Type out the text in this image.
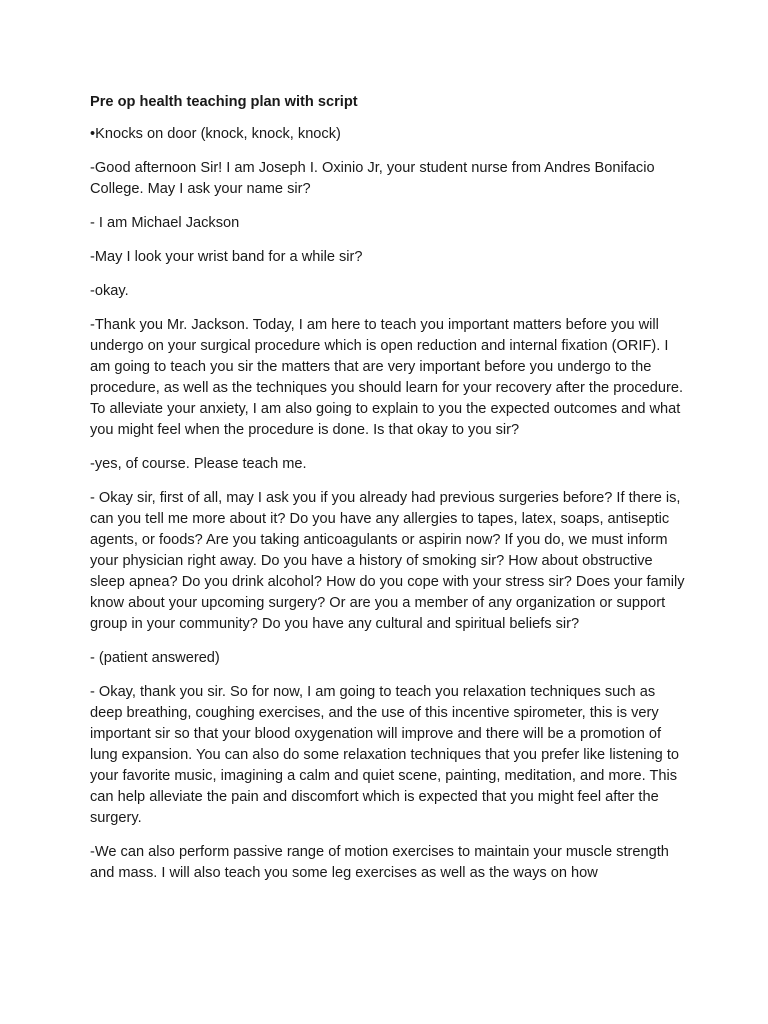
Pre op health teaching plan with script
•Knocks on door (knock, knock, knock)
-Good afternoon Sir! I am Joseph I. Oxinio Jr, your student nurse from Andres Bonifacio College. May I ask your name sir?
- I am Michael Jackson
-May I look your wrist band for a while sir?
-okay.
-Thank you Mr. Jackson. Today, I am here to teach you important matters before you will undergo on your surgical procedure which is open reduction and internal fixation (ORIF). I am going to teach you sir the matters that are very important before you undergo to the procedure, as well as the techniques you should learn for your recovery after the procedure. To alleviate your anxiety, I am also going to explain to you the expected outcomes and what you might feel when the procedure is done. Is that okay to you sir?
-yes, of course. Please teach me.
- Okay sir, first of all, may I ask you if you already had previous surgeries before? If there is, can you tell me more about it? Do you have any allergies to tapes, latex, soaps, antiseptic agents, or foods? Are you taking anticoagulants or aspirin now? If you do, we must inform your physician right away. Do you have a history of smoking sir? How about obstructive sleep apnea? Do you drink alcohol? How do you cope with your stress sir? Does your family know about your upcoming surgery? Or are you a member of any organization or support group in your community? Do you have any cultural and spiritual beliefs sir?
- (patient answered)
- Okay, thank you sir. So for now, I am going to teach you relaxation techniques such as deep breathing, coughing exercises, and the use of this incentive spirometer, this is very important sir so that your blood oxygenation will improve and there will be a promotion of lung expansion. You can also do some relaxation techniques that you prefer like listening to your favorite music, imagining a calm and quiet scene, painting, meditation, and more. This can help alleviate the pain and discomfort which is expected that you might feel after the surgery.
-We can also perform passive range of motion exercises to maintain your muscle strength and mass. I will also teach you some leg exercises as well as the ways on how
